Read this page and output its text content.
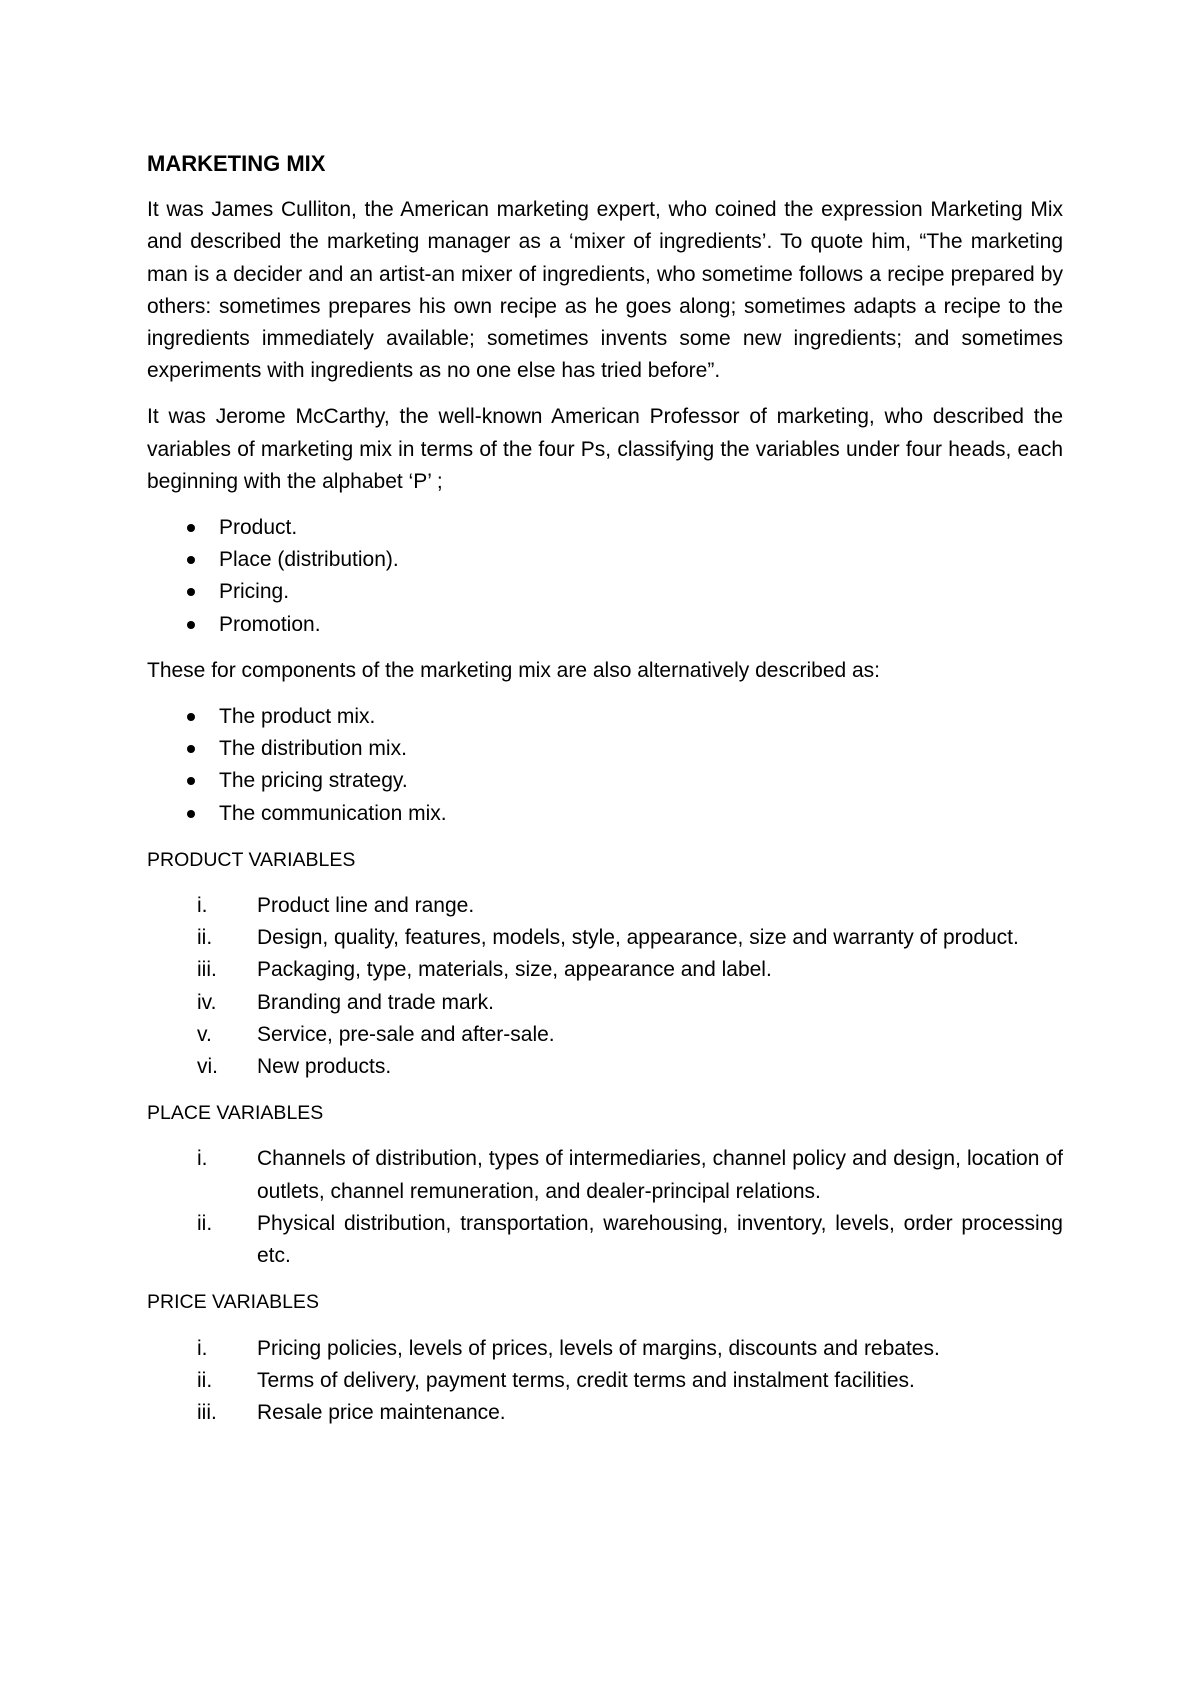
MARKETING MIX

It was James Culliton, the American marketing expert, who coined the expression Marketing Mix and described the marketing manager as a ‘mixer of ingredients’. To quote him, “The marketing man is a decider and an artist-an mixer of ingredients, who sometime follows a recipe prepared by others: sometimes prepares his own recipe as he goes along; sometimes adapts a recipe to the ingredients immediately available; sometimes invents some new ingredients; and sometimes experiments with ingredients as no one else has tried before”.

It was Jerome McCarthy, the well-known American Professor of marketing, who described the variables of marketing mix in terms of the four Ps, classifying the variables under four heads, each beginning with the alphabet ‘P’ ;

Product.
Place (distribution).
Pricing.
Promotion.

These for components of the marketing mix are also alternatively described as:

The product mix.
The distribution mix.
The pricing strategy.
The communication mix.
PRODUCT VARIABLES
i.	Product line and range.
ii.	Design, quality, features, models, style, appearance, size and warranty of product.
iii.	Packaging, type, materials, size, appearance and label.
iv.	Branding and trade mark.
v.	Service, pre-sale and after-sale.
vi.	New products.
PLACE VARIABLES
i.	Channels of distribution, types of intermediaries, channel policy and design, location of outlets, channel remuneration, and dealer-principal relations.
ii.	Physical distribution, transportation, warehousing, inventory, levels, order processing etc.
PRICE VARIABLES
i.	Pricing policies, levels of prices, levels of margins, discounts and rebates.
ii.	Terms of delivery, payment terms, credit terms and instalment facilities.
iii.	Resale price maintenance.
